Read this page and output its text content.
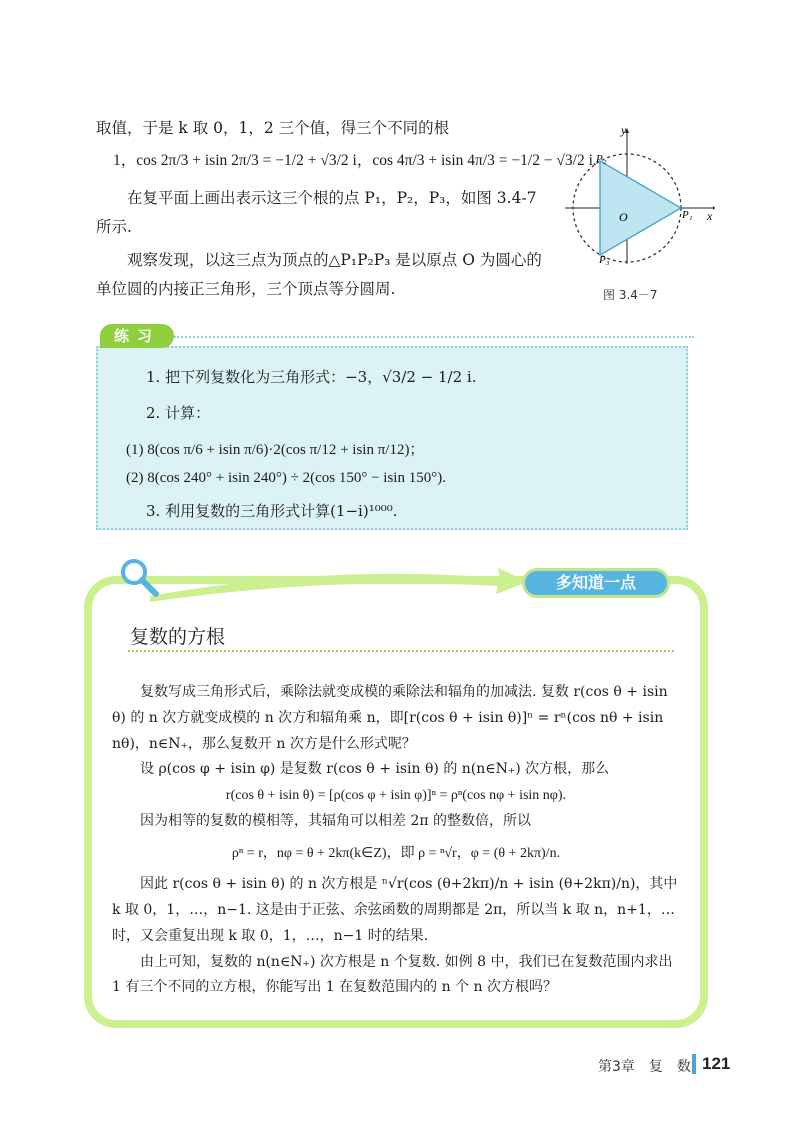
取值，于是 k 取 0，1，2 三个值，得三个不同的根

1，cos 2π/3 + isin 2π/3 = −1/2 + √3/2 i，cos 4π/3 + isin 4π/3 = −1/2 − √3/2 i.
在复平面上画出表示这三个根的点 P₁，P₂，P₃，如图 3.4-7 所示.
观察发现，以这三点为顶点的△P₁P₂P₃ 是以原点 O 为圆心的单位圆的内接正三角形，三个顶点等分圆周.
y
x
O	P₁
P₂
P₃
图 3.4－7
1. 把下列复数化为三角形式：−3，√3/2 − 1/2 i.
2. 计算：
(1) 8(cos π/6 + isin π/6)·2(cos π/12 + isin π/12)；
(2) 8(cos 240° + isin 240°) ÷ 2(cos 150° − isin 150°).
3. 利用复数的三角形式计算(1−i)¹⁰⁰⁰.
练习
多知道一点
复数的方根

复数写成三角形式后，乘除法就变成模的乘除法和辐角的加减法. 复数 r(cos θ + isin θ) 的 n 次方就变成模的 n 次方和辐角乘 n，即[r(cos θ + isin θ)]ⁿ = rⁿ(cos nθ + isin nθ)，n∈N₊，那么复数开 n 次方是什么形式呢？

设 ρ(cos φ + isin φ) 是复数 r(cos θ + isin θ) 的 n(n∈N₊) 次方根，那么

r(cos θ + isin θ) = [ρ(cos φ + isin φ)]ⁿ = ρⁿ(cos nφ + isin nφ).

因为相等的复数的模相等，其辐角可以相差 2π 的整数倍，所以

ρⁿ = r，nφ = θ + 2kπ(k∈Z)，即 ρ = ⁿ√r，φ = (θ + 2kπ)/n.

因此 r(cos θ + isin θ) 的 n 次方根是 ⁿ√r(cos (θ+2kπ)/n + isin (θ+2kπ)/n)，其中 k 取 0，1，…，n−1. 这是由于正弦、余弦函数的周期都是 2π，所以当 k 取 n，n+1，…时，又会重复出现 k 取 0，1，…，n−1 时的结果.

由上可知，复数的 n(n∈N₊) 次方根是 n 个复数. 如例 8 中，我们已在复数范围内求出 1 有三个不同的立方根，你能写出 1 在复数范围内的 n 个 n 次方根吗？

第3章　复　数 121
